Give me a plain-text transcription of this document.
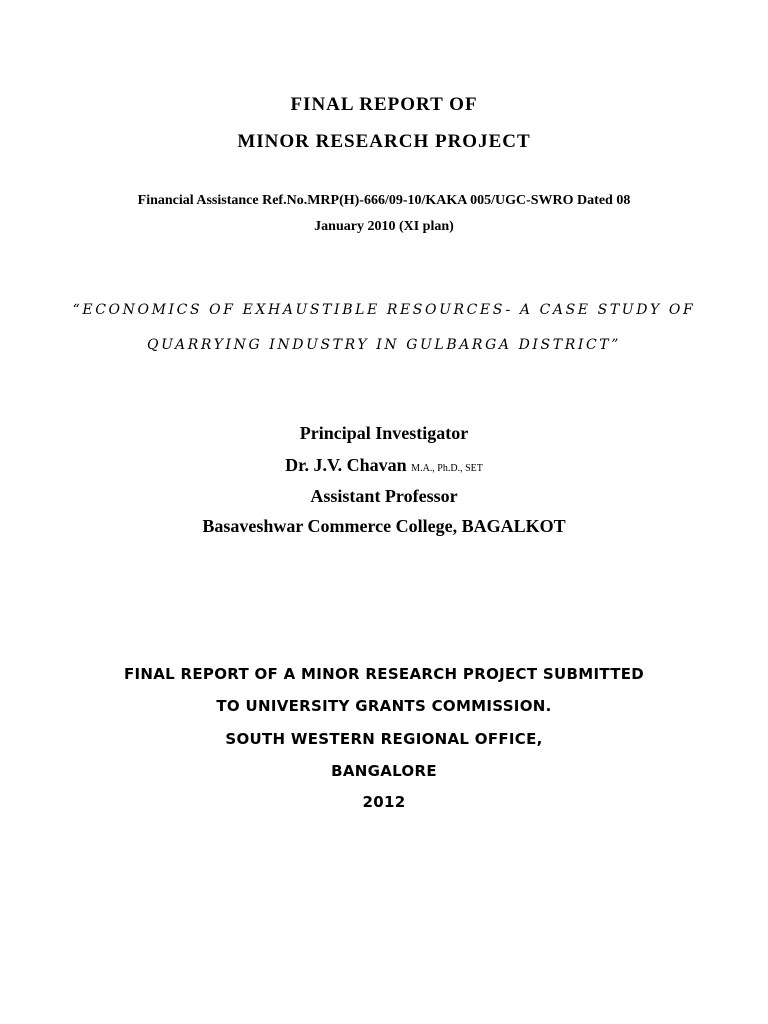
FINAL REPORT OF
MINOR RESEARCH PROJECT
Financial Assistance Ref.No.MRP(H)-666/09-10/KAKA 005/UGC-SWRO Dated 08
January 2010 (XI plan)
“ECONOMICS OF EXHAUSTIBLE RESOURCES- A CASE STUDY OF
QUARRYING INDUSTRY IN GULBARGA DISTRICT”
Principal Investigator
Dr. J.V. Chavan M.A., Ph.D., SET
Assistant Professor
Basaveshwar Commerce College, BAGALKOT
FINAL REPORT OF A MINOR RESEARCH PROJECT SUBMITTED
TO UNIVERSITY GRANTS COMMISSION.
SOUTH WESTERN REGIONAL OFFICE,
BANGALORE
2012
